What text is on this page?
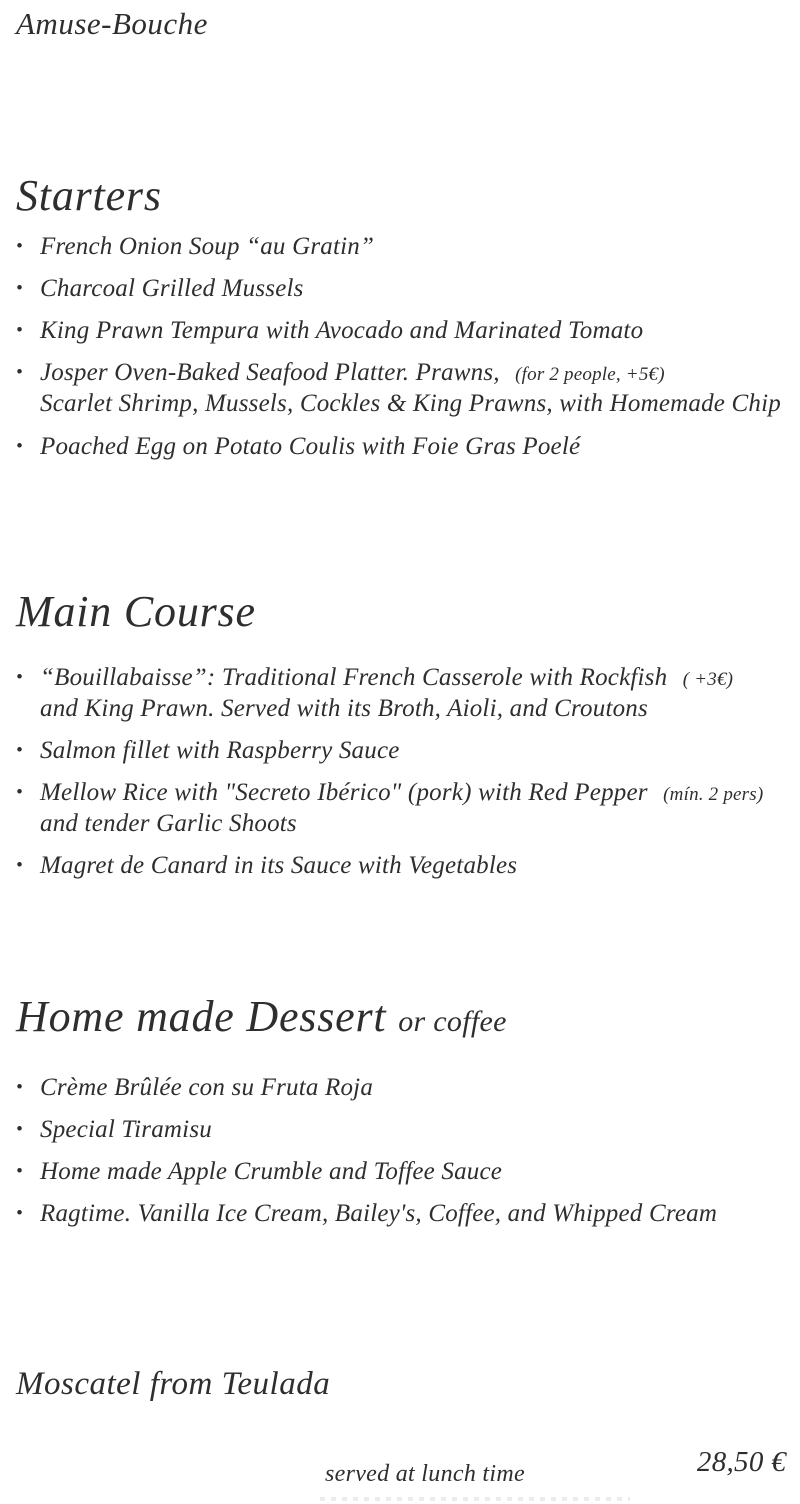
Amuse-Bouche
Starters
• French Onion Soup “au Gratin”
• Charcoal Grilled Mussels
• King Prawn Tempura with Avocado and Marinated Tomato
• Josper Oven-Baked Seafood Platter. Prawns, (for 2 people, +5€)
Scarlet Shrimp, Mussels, Cockles & King Prawns, with Homemade Chip
• Poached Egg on Potato Coulis with Foie Gras Poelé
Main Course
• “Bouillabaisse”: Traditional French Casserole with Rockfish ( +3€)
and King Prawn. Served with its Broth, Aioli, and Croutons
• Salmon fillet with Raspberry Sauce
• Mellow Rice with "Secreto Ibérico" (pork) with Red Pepper (mín. 2 pers)
and tender Garlic Shoots
• Magret de Canard in its Sauce with Vegetables
Home made Dessert or coffee
• Crème Brûlée con su Fruta Roja
• Special Tiramisu
• Home made Apple Crumble and Toffee Sauce
• Ragtime. Vanilla Ice Cream, Bailey's, Coffee, and Whipped Cream
Moscatel from Teulada
served at lunch time	28,50 €
